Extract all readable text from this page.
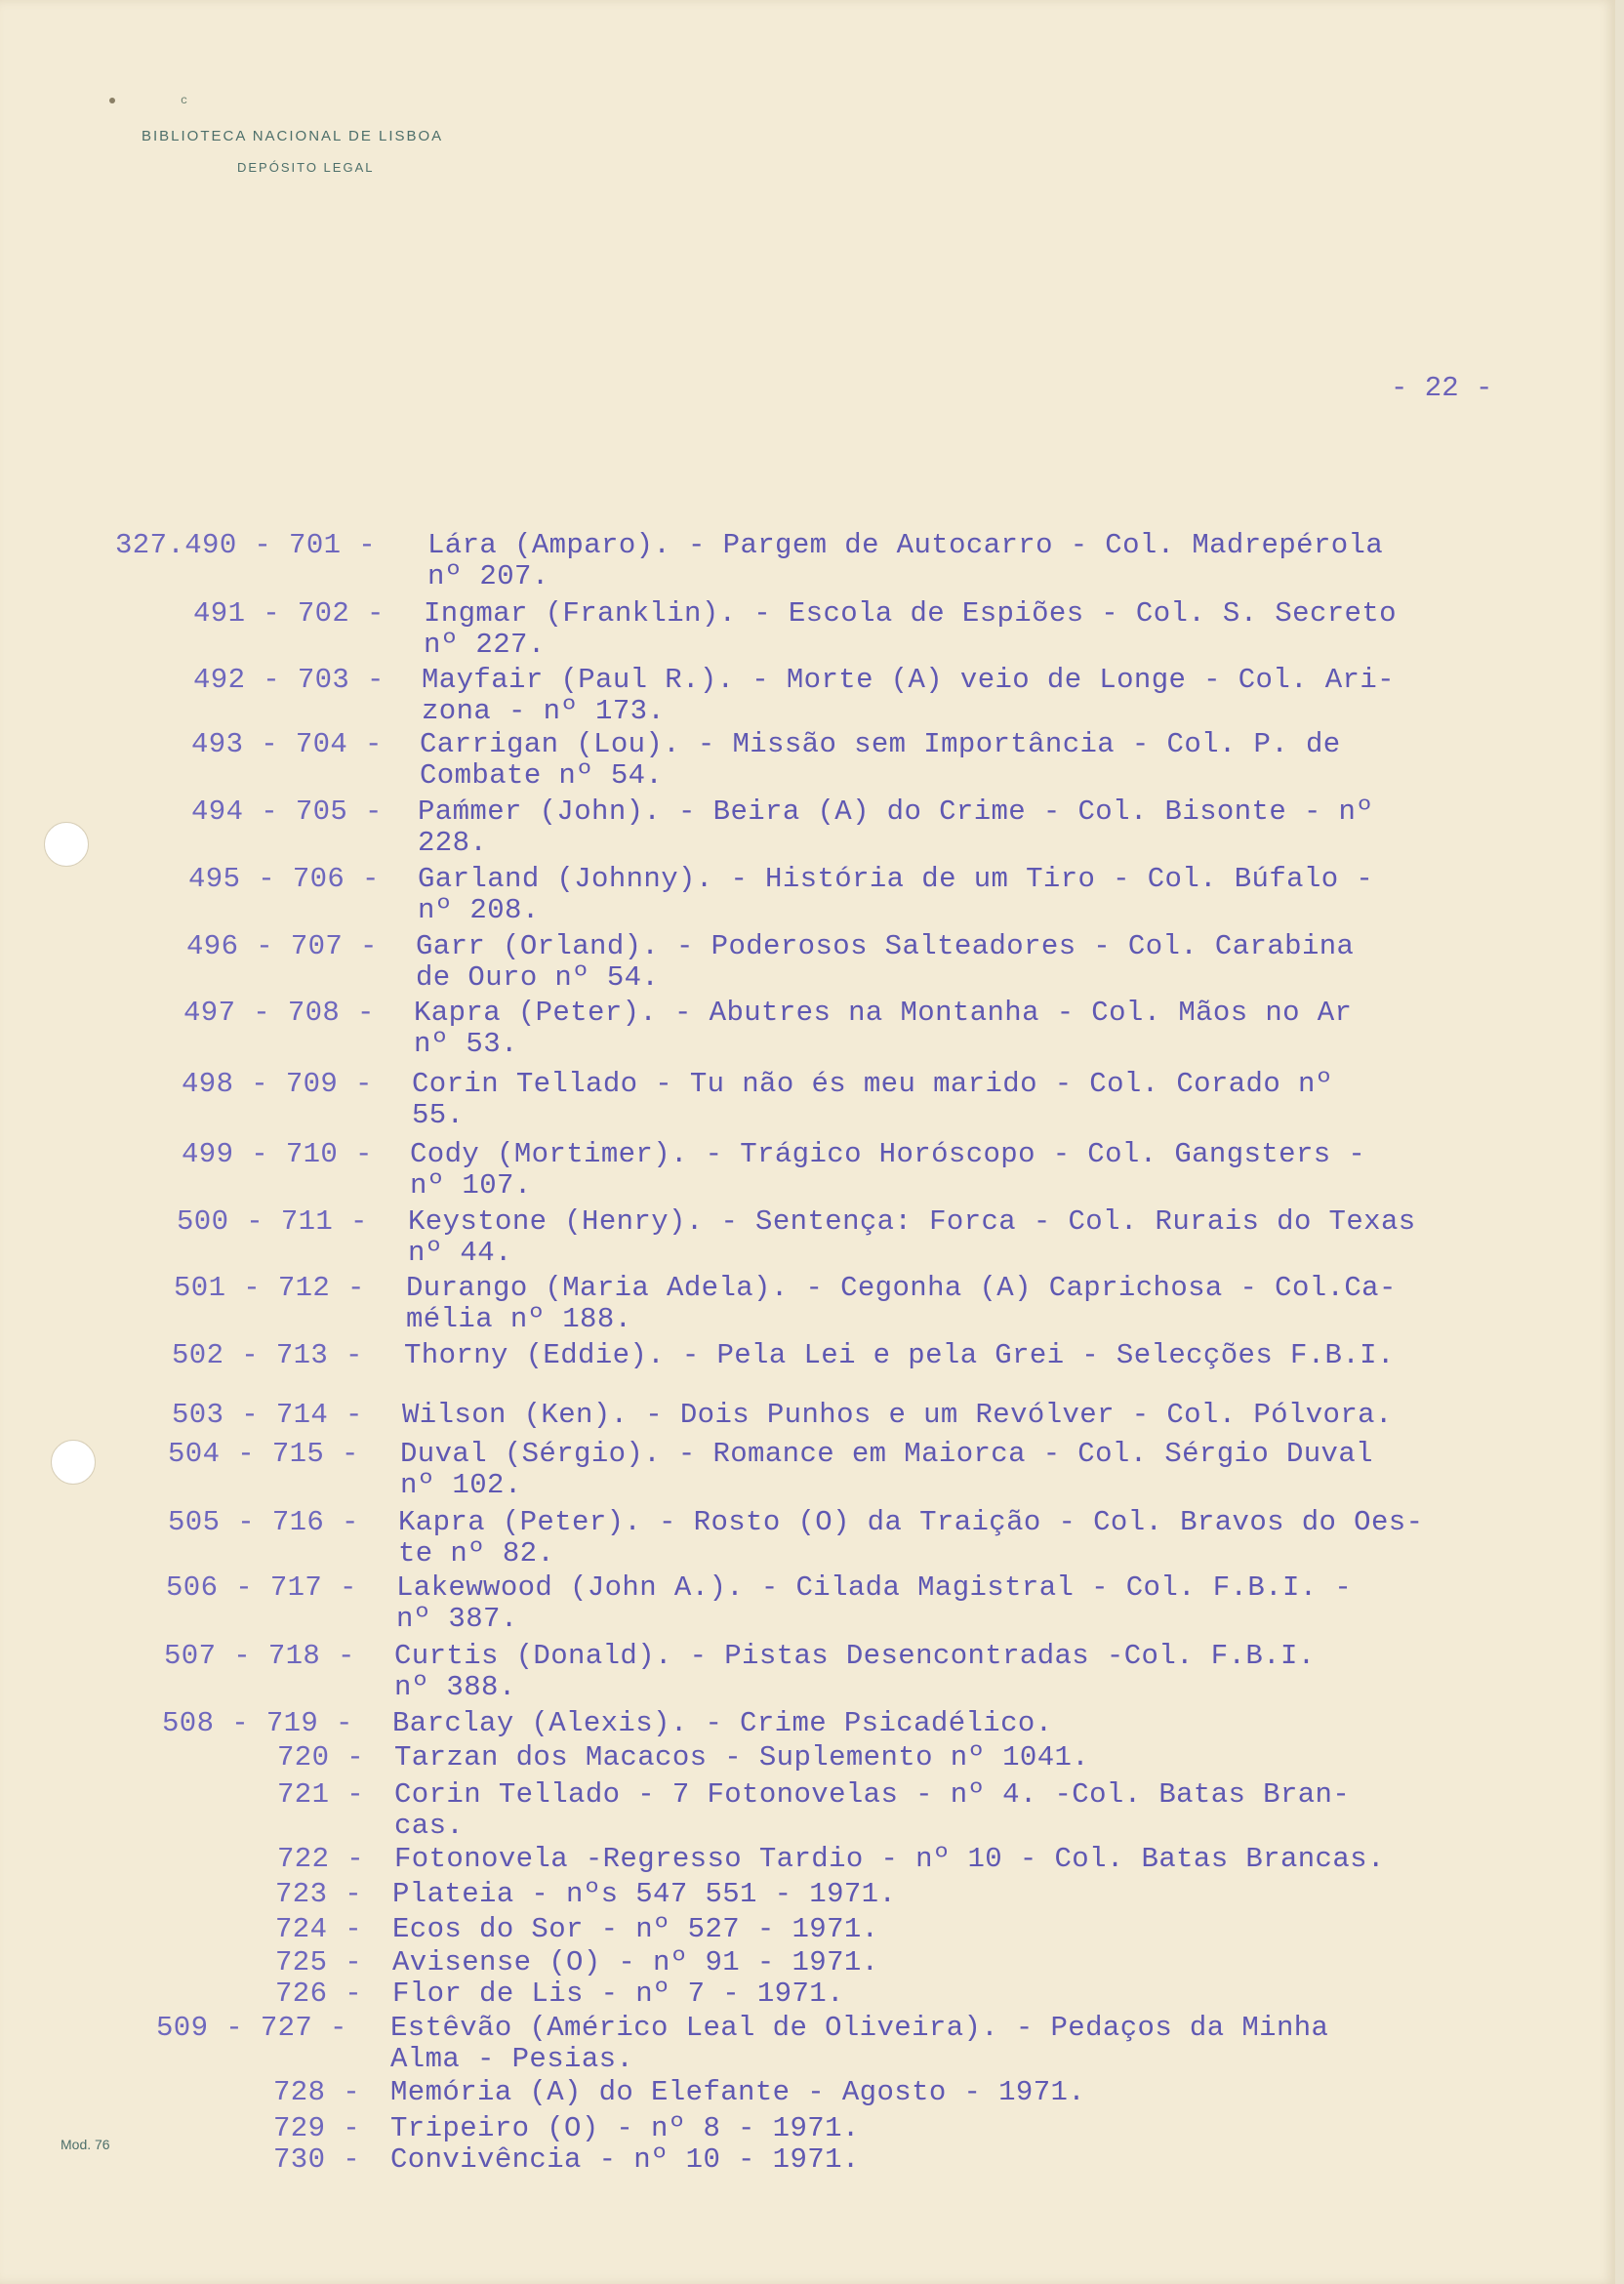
c
BIBLIOTECA NACIONAL DE LISBOA
DEPÓSITO LEGAL
- 22 -
Mod. 76
327.490 - 701 - Lára (Amparo). - Pargem de Autocarro - Col. Madrepérola
nº 207.
491 - 702 - Ingmar (Franklin). - Escola de Espiões - Col. S. Secreto
nº 227.
492 - 703 - Mayfair (Paul R.). - Morte (A) veio de Longe - Col. Ari-
zona - nº 173.
493 - 704 - Carrigan (Lou). - Missão sem Importância - Col. P. de
Combate nº 54.
494 - 705 - Paḿmer (John). - Beira (A) do Crime - Col. Bisonte - nº
228.
495 - 706 - Garland (Johnny). - História de um Tiro - Col. Búfalo -
nº 208.
496 - 707 - Garr (Orland). - Poderosos Salteadores - Col. Carabina
de Ouro nº 54.
497 - 708 - Kapra (Peter). - Abutres na Montanha - Col. Mãos no Ar
nº 53.
498 - 709 - Corin Tellado - Tu não és meu marido - Col. Corado nº
55.
499 - 710 - Cody (Mortimer). - Trágico Horóscopo - Col. Gangsters -
nº 107.
500 - 711 - Keystone (Henry). - Sentença: Forca - Col. Rurais do Texas
nº 44.
501 - 712 - Durango (Maria Adela). - Cegonha (A) Caprichosa - Col.Ca-
mélia nº 188.
502 - 713 - Thorny (Eddie). - Pela Lei e pela Grei - Selecções F.B.I.
503 - 714 - Wilson (Ken). - Dois Punhos e um Revólver - Col. Pólvora.
504 - 715 - Duval (Sérgio). - Romance em Maiorca - Col. Sérgio Duval
nº 102.
505 - 716 - Kapra (Peter). - Rosto (O) da Traição - Col. Bravos do Oes-
te nº 82.
506 - 717 - Lakewwood (John A.). - Cilada Magistral - Col. F.B.I. -
nº 387.
507 - 718 - Curtis (Donald). - Pistas Desencontradas -Col. F.B.I.
nº 388.
508 - 719 - Barclay (Alexis). - Crime Psicadélico.
720 - Tarzan dos Macacos - Suplemento nº 1041.
721 - Corin Tellado - 7 Fotonovelas - nº 4. -Col. Batas Bran-
cas.
722 - Fotonovela -Regresso Tardio - nº 10 - Col. Batas Brancas.
723 - Plateia - nºs 547 551 - 1971.
724 - Ecos do Sor - nº 527 - 1971.
725 - Avisense (O) - nº 91 - 1971.
726 - Flor de Lis - nº 7 - 1971.
509 - 727 - Estêvão (Américo Leal de Oliveira). - Pedaços da Minha
Alma - Pesias.
728 - Memória (A) do Elefante - Agosto - 1971.
729 - Tripeiro (O) - nº 8 - 1971.
730 - Convivência - nº 10 - 1971.
